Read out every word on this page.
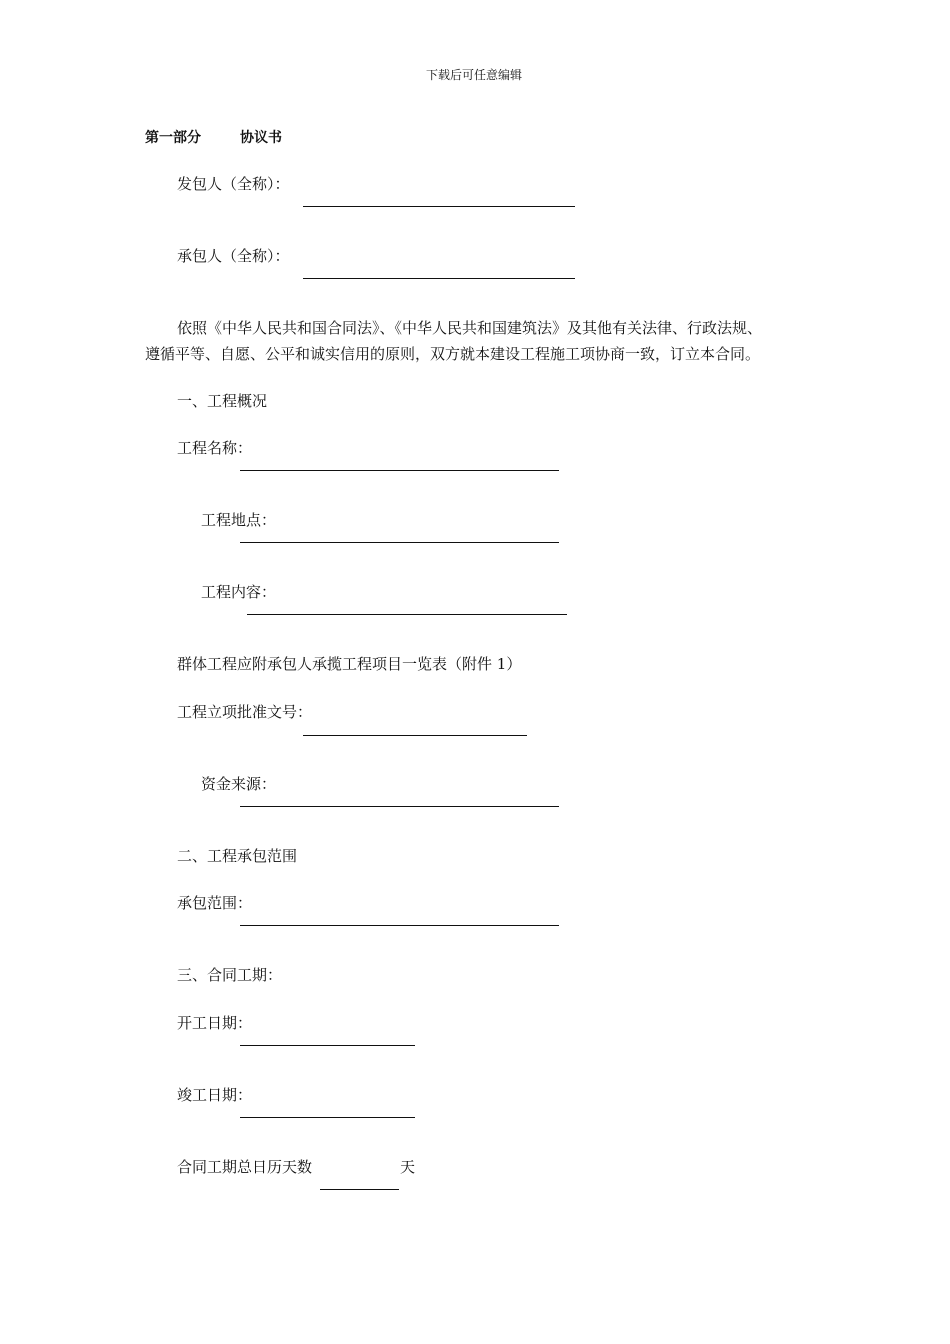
下载后可任意编辑
第一部分	协议书
发包人（全称）：
承包人（全称）：
依照《中华人民共和国合同法》、《中华人民共和国建筑法》及其他有关法律、行政法规、
遵循平等、自愿、公平和诚实信用的原则，双方就本建设工程施工项协商一致，订立本合同。
一、工程概况
工程名称：
工程地点：
工程内容：
群体工程应附承包人承揽工程项目一览表（附件 1）
工程立项批准文号：
资金来源：
二、工程承包范围
承包范围：
三、合同工期：
开工日期：
竣工日期：
合同工期总日历天数	天
